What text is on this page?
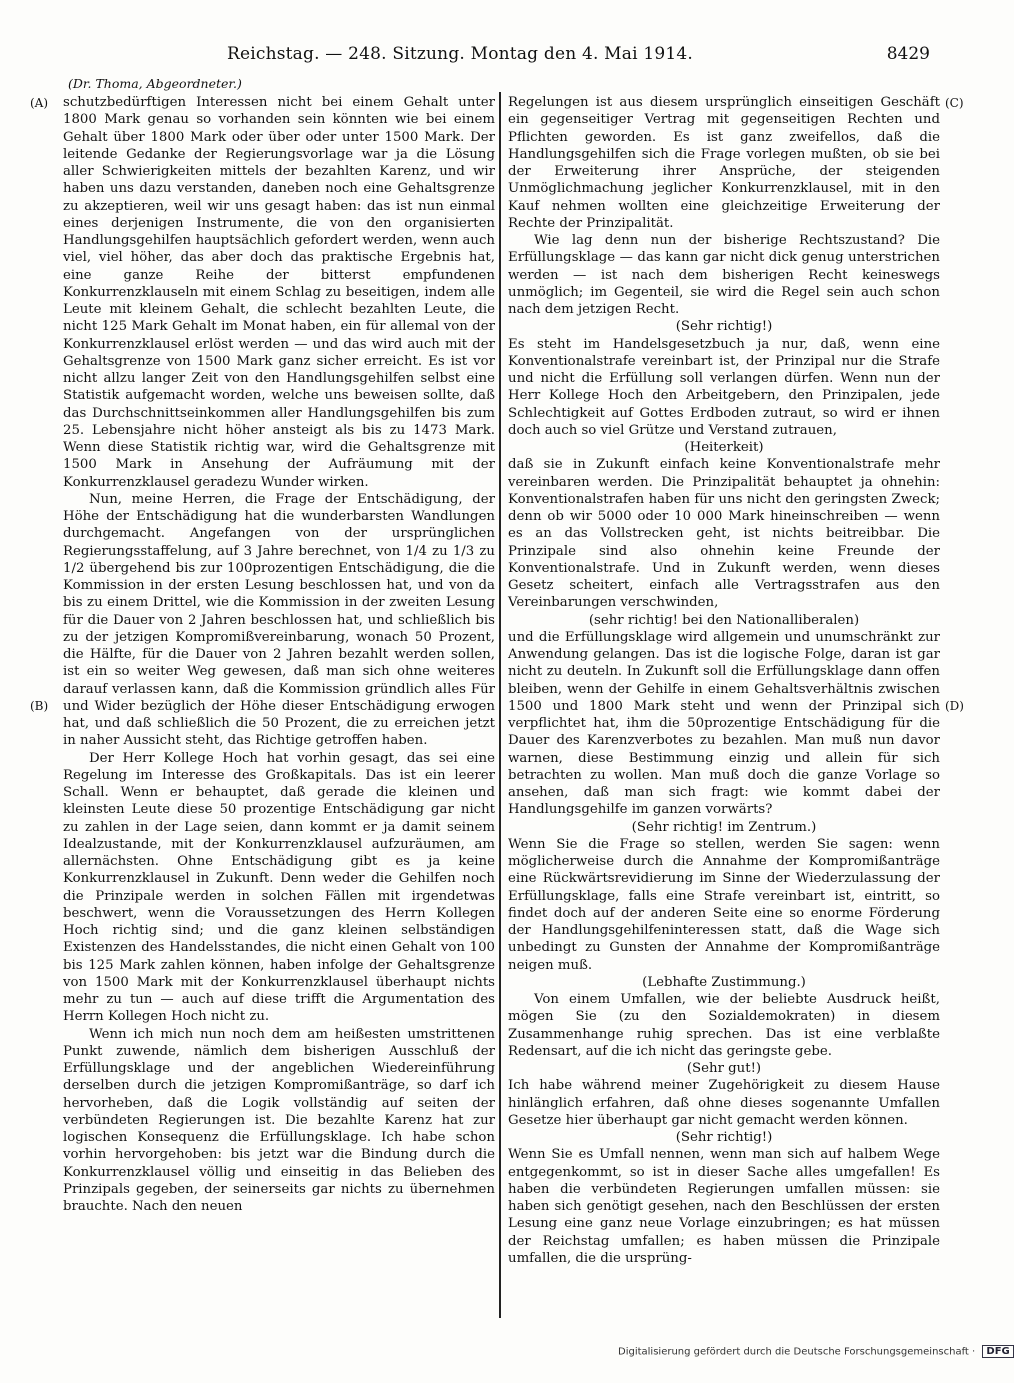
Reichstag. — 248. Sitzung. Montag den 4. Mai 1914.	8429
(Dr. Thoma, Abgeordneter.)
(A)
(B)
(C)
(D)

schutzbedürftigen Interessen nicht bei einem Gehalt unter 1800 Mark genau so vorhanden sein könnten wie bei einem Gehalt über 1800 Mark oder über oder unter 1500 Mark. Der leitende Gedanke der Regierungsvorlage war ja die Lösung aller Schwierigkeiten mittels der bezahlten Karenz, und wir haben uns dazu verstanden, daneben noch eine Gehaltsgrenze zu akzeptieren, weil wir uns gesagt haben: das ist nun einmal eines derjenigen Instrumente, die von den organisierten Handlungsgehilfen hauptsächlich gefordert werden, wenn auch viel, viel höher, das aber doch das praktische Ergebnis hat, eine ganze Reihe der bitterst empfundenen Konkurrenzklauseln mit einem Schlag zu beseitigen, indem alle Leute mit kleinem Gehalt, die schlecht bezahlten Leute, die nicht 125 Mark Gehalt im Monat haben, ein für allemal von der Konkurrenzklausel erlöst werden — und das wird auch mit der Gehaltsgrenze von 1500 Mark ganz sicher erreicht. Es ist vor nicht allzu langer Zeit von den Handlungsgehilfen selbst eine Statistik aufgemacht worden, welche uns beweisen sollte, daß das Durchschnittseinkommen aller Handlungsgehilfen bis zum 25. Lebensjahre nicht höher ansteigt als bis zu 1473 Mark. Wenn diese Statistik richtig war, wird die Gehaltsgrenze mit 1500 Mark in Ansehung der Aufräumung mit der Konkurrenzklausel geradezu Wunder wirken.

Nun, meine Herren, die Frage der Entschädigung, der Höhe der Entschädigung hat die wunderbarsten Wandlungen durchgemacht. Angefangen von der ursprünglichen Regierungsstaffelung, auf 3 Jahre berechnet, von 1/4 zu 1/3 zu 1/2 übergehend bis zur 100prozentigen Entschädigung, die die Kommission in der ersten Lesung beschlossen hat, und von da bis zu einem Drittel, wie die Kommission in der zweiten Lesung für die Dauer von 2 Jahren beschlossen hat, und schließlich bis zu der jetzigen Kompromißvereinbarung, wonach 50 Prozent, die Hälfte, für die Dauer von 2 Jahren bezahlt werden sollen, ist ein so weiter Weg gewesen, daß man sich ohne weiteres darauf verlassen kann, daß die Kommission gründlich alles Für und Wider bezüglich der Höhe dieser Entschädigung erwogen hat, und daß schließlich die 50 Prozent, die zu erreichen jetzt in naher Aussicht steht, das Richtige getroffen haben.

Der Herr Kollege Hoch hat vorhin gesagt, das sei eine Regelung im Interesse des Großkapitals. Das ist ein leerer Schall. Wenn er behauptet, daß gerade die kleinen und kleinsten Leute diese 50 prozentige Entschädigung gar nicht zu zahlen in der Lage seien, dann kommt er ja damit seinem Idealzustande, mit der Konkurrenzklausel aufzuräumen, am allernächsten. Ohne Entschädigung gibt es ja keine Konkurrenzklausel in Zukunft. Denn weder die Gehilfen noch die Prinzipale werden in solchen Fällen mit irgendetwas beschwert, wenn die Voraussetzungen des Herrn Kollegen Hoch richtig sind; und die ganz kleinen selbständigen Existenzen des Handelsstandes, die nicht einen Gehalt von 100 bis 125 Mark zahlen können, haben infolge der Gehaltsgrenze von 1500 Mark mit der Konkurrenzklausel überhaupt nichts mehr zu tun — auch auf diese trifft die Argumentation des Herrn Kollegen Hoch nicht zu.

Wenn ich mich nun noch dem am heißesten umstrittenen Punkt zuwende, nämlich dem bisherigen Ausschluß der Erfüllungsklage und der angeblichen Wiedereinführung derselben durch die jetzigen Kompromißanträge, so darf ich hervorheben, daß die Logik vollständig auf seiten der verbündeten Regierungen ist. Die bezahlte Karenz hat zur logischen Konsequenz die Erfüllungsklage. Ich habe schon vorhin hervorgehoben: bis jetzt war die Bindung durch die Konkurrenzklausel völlig und einseitig in das Belieben des Prinzipals gegeben, der seinerseits gar nichts zu übernehmen brauchte. Nach den neuen

Regelungen ist aus diesem ursprünglich einseitigen Geschäft ein gegenseitiger Vertrag mit gegenseitigen Rechten und Pflichten geworden. Es ist ganz zweifellos, daß die Handlungsgehilfen sich die Frage vorlegen mußten, ob sie bei der Erweiterung ihrer Ansprüche, der steigenden Unmöglichmachung jeglicher Konkurrenzklausel, mit in den Kauf nehmen wollten eine gleichzeitige Erweiterung der Rechte der Prinzipalität.

Wie lag denn nun der bisherige Rechtszustand? Die Erfüllungsklage — das kann gar nicht dick genug unterstrichen werden — ist nach dem bisherigen Recht keineswegs unmöglich; im Gegenteil, sie wird die Regel sein auch schon nach dem jetzigen Recht.

(Sehr richtig!)

Es steht im Handelsgesetzbuch ja nur, daß, wenn eine Konventionalstrafe vereinbart ist, der Prinzipal nur die Strafe und nicht die Erfüllung soll verlangen dürfen. Wenn nun der Herr Kollege Hoch den Arbeitgebern, den Prinzipalen, jede Schlechtigkeit auf Gottes Erdboden zutraut, so wird er ihnen doch auch so viel Grütze und Verstand zutrauen,

(Heiterkeit)

daß sie in Zukunft einfach keine Konventionalstrafe mehr vereinbaren werden. Die Prinzipalität behauptet ja ohnehin: Konventionalstrafen haben für uns nicht den geringsten Zweck; denn ob wir 5000 oder 10 000 Mark hineinschreiben — wenn es an das Vollstrecken geht, ist nichts beitreibbar. Die Prinzipale sind also ohnehin keine Freunde der Konventionalstrafe. Und in Zukunft werden, wenn dieses Gesetz scheitert, einfach alle Vertragsstrafen aus den Vereinbarungen verschwinden,

(sehr richtig! bei den Nationalliberalen)

und die Erfüllungsklage wird allgemein und unumschränkt zur Anwendung gelangen. Das ist die logische Folge, daran ist gar nicht zu deuteln. In Zukunft soll die Erfüllungsklage dann offen bleiben, wenn der Gehilfe in einem Gehaltsverhältnis zwischen 1500 und 1800 Mark steht und wenn der Prinzipal sich verpflichtet hat, ihm die 50prozentige Entschädigung für die Dauer des Karenzverbotes zu bezahlen. Man muß nun davor warnen, diese Bestimmung einzig und allein für sich betrachten zu wollen. Man muß doch die ganze Vorlage so ansehen, daß man sich fragt: wie kommt dabei der Handlungsgehilfe im ganzen vorwärts?

(Sehr richtig! im Zentrum.)

Wenn Sie die Frage so stellen, werden Sie sagen: wenn möglicherweise durch die Annahme der Kompromißanträge eine Rückwärtsrevidierung im Sinne der Wiederzulassung der Erfüllungsklage, falls eine Strafe vereinbart ist, eintritt, so findet doch auf der anderen Seite eine so enorme Förderung der Handlungsgehilfeninteressen statt, daß die Wage sich unbedingt zu Gunsten der Annahme der Kompromißanträge neigen muß.

(Lebhafte Zustimmung.)

Von einem Umfallen, wie der beliebte Ausdruck heißt, mögen Sie (zu den Sozialdemokraten) in diesem Zusammenhange ruhig sprechen. Das ist eine verblaßte Redensart, auf die ich nicht das geringste gebe.

(Sehr gut!)

Ich habe während meiner Zugehörigkeit zu diesem Hause hinlänglich erfahren, daß ohne dieses sogenannte Umfallen Gesetze hier überhaupt gar nicht gemacht werden können.

(Sehr richtig!)

Wenn Sie es Umfall nennen, wenn man sich auf halbem Wege entgegenkommt, so ist in dieser Sache alles umgefallen! Es haben die verbündeten Regierungen umfallen müssen: sie haben sich genötigt gesehen, nach den Beschlüssen der ersten Lesung eine ganz neue Vorlage einzubringen; es hat müssen der Reichstag umfallen; es haben müssen die Prinzipale umfallen, die die ursprüng-

Digitalisierung gefördert durch die Deutsche Forschungsgemeinschaft · DFG
